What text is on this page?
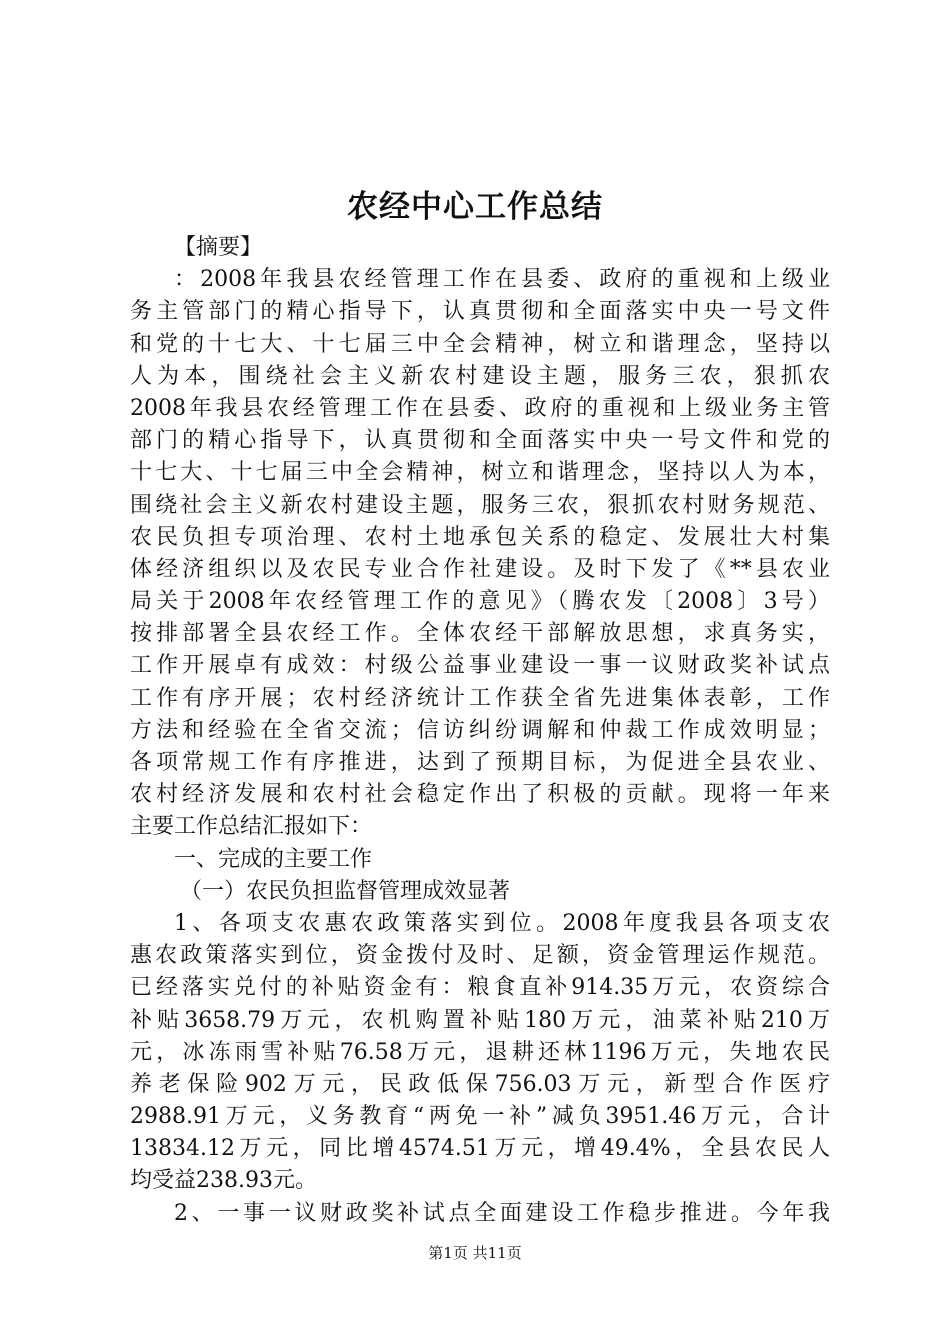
农经中心工作总结
【摘要】
：2008年我县农经管理工作在县委、政府的重视和上级业
务主管部门的精心指导下，认真贯彻和全面落实中央一号文件
和党的十七大、十七届三中全会精神，树立和谐理念，坚持以
人为本，围绕社会主义新农村建设主题，服务三农，狠抓农
2008年我县农经管理工作在县委、政府的重视和上级业务主管
部门的精心指导下，认真贯彻和全面落实中央一号文件和党的
十七大、十七届三中全会精神，树立和谐理念，坚持以人为本，
围绕社会主义新农村建设主题，服务三农，狠抓农村财务规范、
农民负担专项治理、农村土地承包关系的稳定、发展壮大村集
体经济组织以及农民专业合作社建设。及时下发了《**县农业
局关于2008年农经管理工作的意见》（腾农发〔2008〕3号）
按排部署全县农经工作。全体农经干部解放思想，求真务实，
工作开展卓有成效：村级公益事业建设一事一议财政奖补试点
工作有序开展；农村经济统计工作获全省先进集体表彰，工作
方法和经验在全省交流；信访纠纷调解和仲裁工作成效明显；
各项常规工作有序推进，达到了预期目标，为促进全县农业、
农村经济发展和农村社会稳定作出了积极的贡献。现将一年来
主要工作总结汇报如下：
一、完成的主要工作
（一）农民负担监督管理成效显著
1、各项支农惠农政策落实到位。2008年度我县各项支农
惠农政策落实到位，资金拨付及时、足额，资金管理运作规范。
已经落实兑付的补贴资金有：粮食直补914.35万元，农资综合
补贴3658.79万元，农机购置补贴180万元，油菜补贴210万
元，冰冻雨雪补贴76.58万元，退耕还林1196万元，失地农民
养老保险902万元，民政低保756.03万元，新型合作医疗
2988.91万元，义务教育“两免一补”减负3951.46万元，合计
13834.12万元，同比增4574.51万元，增49.4%，全县农民人
均受益238.93元。
2、一事一议财政奖补试点全面建设工作稳步推进。今年我
第1页 共11页
